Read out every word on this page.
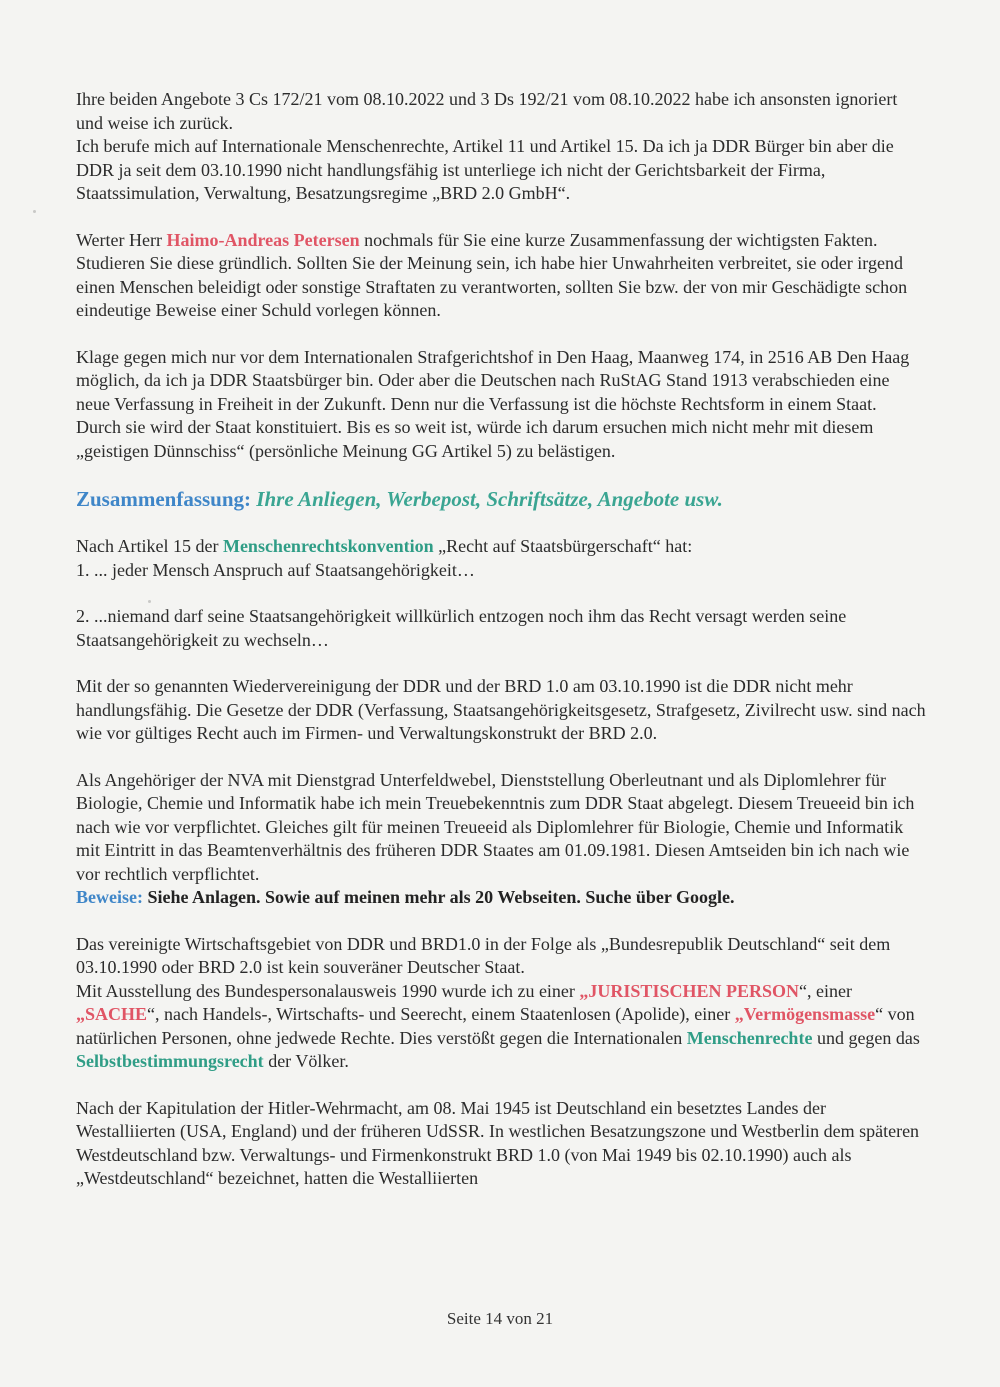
Ihre beiden Angebote 3 Cs 172/21 vom 08.10.2022 und 3 Ds 192/21 vom 08.10.2022 habe ich ansonsten ignoriert und weise ich zurück.
Ich berufe mich auf Internationale Menschenrechte, Artikel 11 und Artikel 15. Da ich ja DDR Bürger bin aber die DDR ja seit dem 03.10.1990 nicht handlungsfähig ist unterliege ich nicht der Gerichtsbarkeit der Firma, Staatssimulation, Verwaltung, Besatzungsregime „BRD 2.0 GmbH“.

Werter Herr Haimo-Andreas Petersen nochmals für Sie eine kurze Zusammenfassung der wichtigsten Fakten. Studieren Sie diese gründlich. Sollten Sie der Meinung sein, ich habe hier Unwahrheiten verbreitet, sie oder irgend einen Menschen beleidigt oder sonstige Straftaten zu verantworten, sollten Sie bzw. der von mir Geschädigte schon eindeutige Beweise einer Schuld vorlegen können.

Klage gegen mich nur vor dem Internationalen Strafgerichtshof in Den Haag, Maanweg 174, in 2516 AB Den Haag möglich, da ich ja DDR Staatsbürger bin. Oder aber die Deutschen nach RuStAG Stand 1913 verabschieden eine neue Verfassung in Freiheit in der Zukunft. Denn nur die Verfassung ist die höchste Rechtsform in einem Staat. Durch sie wird der Staat konstituiert. Bis es so weit ist, würde ich darum ersuchen mich nicht mehr mit diesem „geistigen Dünnschiss“ (persönliche Meinung GG Artikel 5) zu belästigen.

Zusammenfassung: Ihre Anliegen, Werbepost, Schriftsätze, Angebote usw.

Nach Artikel 15 der Menschenrechtskonvention „Recht auf Staatsbürgerschaft“ hat:
1. ... jeder Mensch Anspruch auf Staatsangehörigkeit…

2. ...niemand darf seine Staatsangehörigkeit willkürlich entzogen noch ihm das Recht versagt werden seine Staatsangehörigkeit zu wechseln…

Mit der so genannten Wiedervereinigung der DDR und der BRD 1.0 am 03.10.1990 ist die DDR nicht mehr handlungsfähig. Die Gesetze der DDR (Verfassung, Staatsangehörigkeitsgesetz, Strafgesetz, Zivilrecht usw. sind nach wie vor gültiges Recht auch im Firmen- und Verwaltungskonstrukt der BRD 2.0.

Als Angehöriger der NVA mit Dienstgrad Unterfeldwebel, Dienststellung Oberleutnant und als Diplomlehrer für Biologie, Chemie und Informatik habe ich mein Treuebekenntnis zum DDR Staat abgelegt. Diesem Treueeid bin ich nach wie vor verpflichtet. Gleiches gilt für meinen Treueeid als Diplomlehrer für Biologie, Chemie und Informatik mit Eintritt in das Beamtenverhältnis des früheren DDR Staates am 01.09.1981. Diesen Amtseiden bin ich nach wie vor rechtlich verpflichtet.
Beweise: Siehe Anlagen. Sowie auf meinen mehr als 20 Webseiten. Suche über Google.

Das vereinigte Wirtschaftsgebiet von DDR und BRD1.0 in der Folge als „Bundesrepublik Deutschland“ seit dem 03.10.1990 oder BRD 2.0 ist kein souveräner Deutscher Staat.
Mit Ausstellung des Bundespersonalausweis 1990 wurde ich zu einer „JURISTISCHEN PERSON“, einer „SACHE“, nach Handels-, Wirtschafts- und Seerecht, einem Staatenlosen (Apolide), einer „Vermögensmasse“ von natürlichen Personen, ohne jedwede Rechte. Dies verstößt gegen die Internationalen Menschenrechte und gegen das Selbstbestimmungsrecht der Völker.

Nach der Kapitulation der Hitler-Wehrmacht, am 08. Mai 1945 ist Deutschland ein besetztes Landes der Westalliierten (USA, England) und der früheren UdSSR. In westlichen Besatzungszone und Westberlin dem späteren Westdeutschland bzw. Verwaltungs- und Firmenkonstrukt BRD 1.0 (von Mai 1949 bis 02.10.1990) auch als „Westdeutschland“ bezeichnet, hatten die Westalliierten

Seite 14 von 21
